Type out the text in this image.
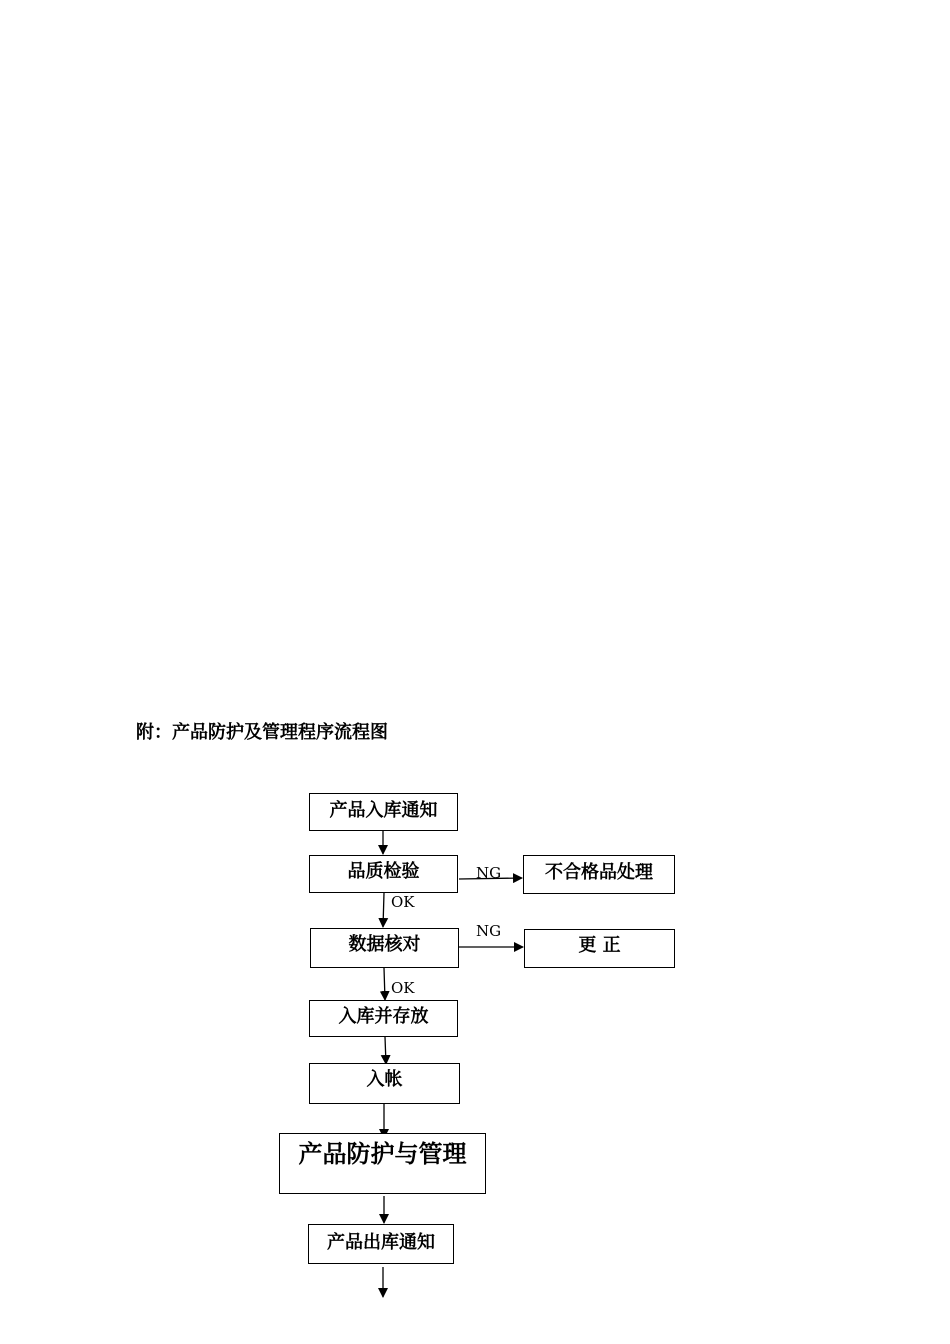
附：产品防护及管理程序流程图
产品入库通知
品质检验	不合格品处理
数据核对	更 正
入库并存放
入帐
产品防护与管理
产品出库通知
NG
OK
NG
OK
